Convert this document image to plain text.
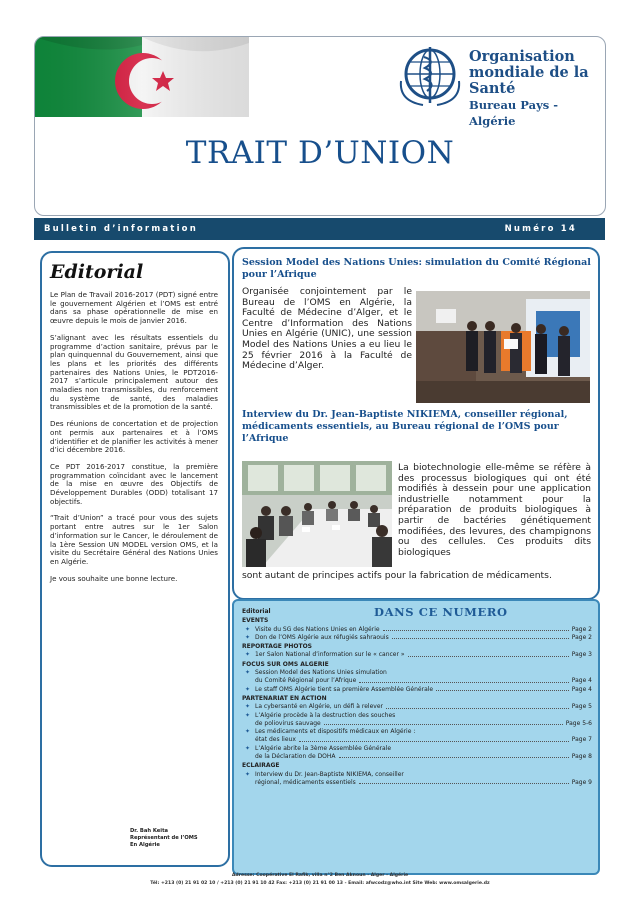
Organisation
mondiale de la Santé
Bureau Pays - Algérie
TRAIT D’UNION
Bulletin d’information	Numéro 14
Editorial

Le Plan de Travail 2016-2017 (PDT) signé entre le gouvernement Algérien et l’OMS est entré dans sa phase opérationnelle de mise en œuvre depuis le mois de janvier 2016.

S’alignant avec les résultats essentiels du programme d’action sanitaire, prévus par le plan quinquennal du Gouvernement, ainsi que les plans et les priorités des différents partenaires des Nations Unies, le PDT2016-2017 s’articule principalement autour des maladies non transmissibles, du renforcement du système de santé, des maladies transmissibles et de la promotion de la santé.

Des réunions de concertation et de projection ont permis aux partenaires et à l’OMS d’identifier et de planifier les activités à mener d’ici décembre 2016.

Ce PDT 2016-2017 constitue, la première programmation coïncidant avec le lancement de la mise en œuvre des Objectifs de Développement Durables (ODD) totalisant 17 objectifs.

“Trait d’Union” a tracé pour vous des sujets portant entre autres sur le 1er Salon d’information sur le Cancer, le déroulement de la 1ère Session UN MODEL version OMS, et la visite du Secrétaire Général des Nations Unies en Algérie.

Je vous souhaite une bonne lecture.

Dr. Bah Keita
Représentant de l’OMS
En Algérie
Session Model des Nations Unies: simulation du Comité Régional pour l’Afrique
Organisée conjointement par le Bureau de l’OMS en Algérie, la Faculté de Médecine d’Alger, et le Centre d’Information des Nations Unies en Algérie (UNIC), une session Model des Nations Unies a eu lieu le 25 février 2016 à la Faculté de Médecine d’Alger.
Interview du Dr. Jean-Baptiste NIKIEMA, conseiller régional, médicaments essentiels, au Bureau régional de l’OMS pour l’Afrique
La biotechnologie elle-même se réfère à des processus biologiques qui ont été modifiés à dessein pour une application industrielle notamment pour la préparation de produits biologiques à partir de bactéries génétiquement modifiées, des levures, des champignons ou des cellules. Ces produits dits biologiques
sont autant de principes actifs pour la fabrication de médicaments.
DANS CE NUMERO
Editorial
EVENTS
✦ Visite du SG des Nations Unies en Algérie	Page 2
✦ Don de l’OMS Algérie aux réfugiés sahraouis	Page 2
REPORTAGE PHOTOS
✦ 1er Salon National d’information sur le « cancer »	Page 3
FOCUS SUR OMS ALGERIE
✦ Session Model des Nations Unies simulation
du Comité Régional pour l’Afrique	Page 4
✦ Le staff OMS Algérie tient sa première Assemblée Générale	Page 4
PARTENARIAT EN ACTION
✦ La cybersanté en Algérie, un défi à relever	Page 5
✦ L’Algérie procède à la destruction des souches
de poliovirus sauvage	Page 5-6
✦ Les médicaments et dispositifs médicaux en Algérie :
état des lieux	Page 7
✦ L’Algérie abrite la 3ème Assemblée Générale
de la Déclaration de DOHA	Page 8
ECLAIRAGE
✦ Interview du Dr. Jean-Baptiste NIKIEMA, conseiller
régional, médicaments essentiels	Page 9
Adresse: Coopérative El Rafik, villa n°2 Ben Aknoun - Alger - Algérie
Tél: +213 (0) 21 91 02 10 / +213 (0) 21 91 10 42 Fax: +213 (0) 21 91 00 13 - Email: afwcodz@who.int Site Web: www.omsalgerie.dz
